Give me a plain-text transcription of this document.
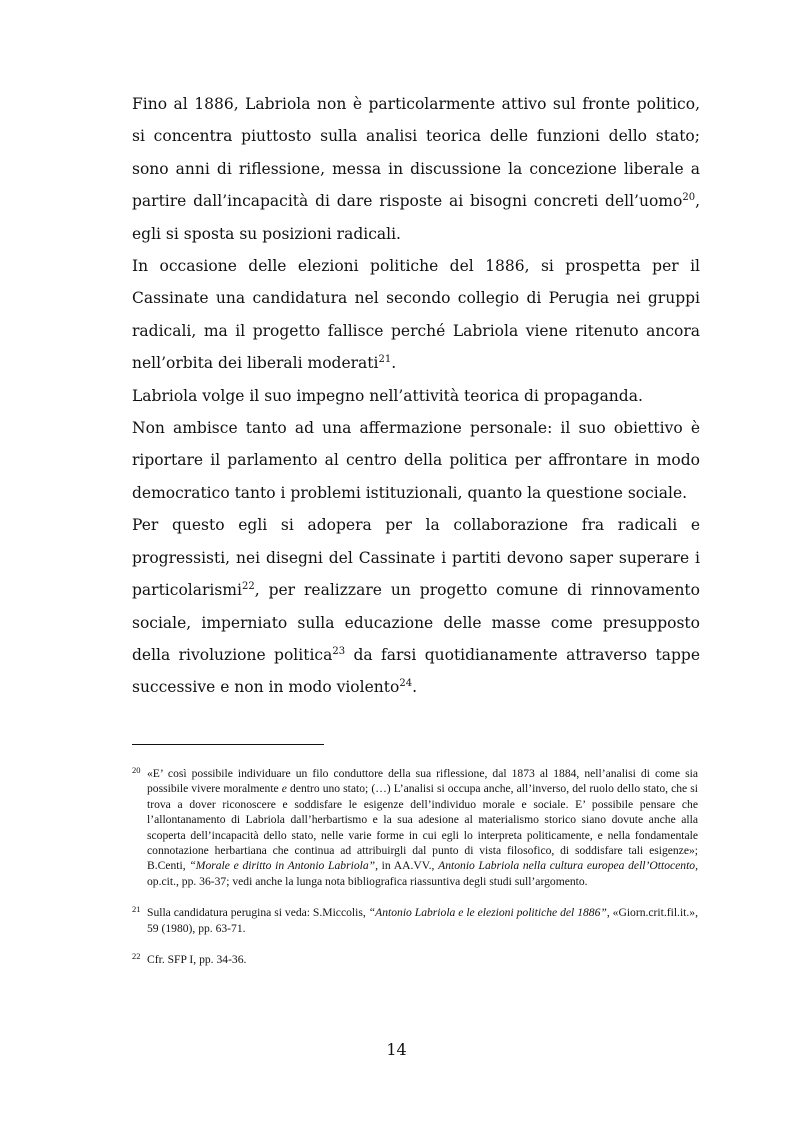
Fino al 1886, Labriola non è particolarmente attivo sul fronte politico, si concentra piuttosto sulla analisi teorica delle funzioni dello stato; sono anni di riflessione, messa in discussione la concezione liberale a partire dall’incapacità di dare risposte ai bisogni concreti dell’uomo$^{20}$, egli si sposta su posizioni radicali.

In occasione delle elezioni politiche del 1886, si prospetta per il Cassinate una candidatura nel secondo collegio di Perugia nei gruppi radicali, ma il progetto fallisce perché Labriola viene ritenuto ancora nell’orbita dei liberali moderati$^{21}$.

Labriola volge il suo impegno nell’attività teorica di propaganda.

Non ambisce tanto ad una affermazione personale: il suo obiettivo è riportare il parlamento al centro della politica per affrontare in modo democratico tanto i problemi istituzionali, quanto la questione sociale.

Per questo egli si adopera per la collaborazione fra radicali e progressisti, nei disegni del Cassinate i partiti devono saper superare i particolarismi$^{22}$, per realizzare un progetto comune di rinnovamento sociale, imperniato sulla educazione delle masse come presupposto della rivoluzione politica$^{23}$ da farsi quotidianamente attraverso tappe successive e non in modo violento$^{24}$.

20 «E’ così possibile individuare un filo conduttore della sua riflessione, dal 1873 al 1884, nell’analisi di come sia possibile vivere moralmente e dentro uno stato; (…) L’analisi si occupa anche, all’inverso, del ruolo dello stato, che si trova a dover riconoscere e soddisfare le esigenze dell’individuo morale e sociale. E’ possibile pensare che l’allontanamento di Labriola dall’herbartismo e la sua adesione al materialismo storico siano dovute anche alla scoperta dell’incapacità dello stato, nelle varie forme in cui egli lo interpreta politicamente, e nella fondamentale connotazione herbartiana che continua ad attribuirgli dal punto di vista filosofico, di soddisfare tali esigenze»; B.Centi, “Morale e diritto in Antonio Labriola”, in AA.VV., Antonio Labriola nella cultura europea dell’Ottocento, op.cit., pp. 36-37; vedi anche la lunga nota bibliografica riassuntiva degli studi sull’argomento.
21 Sulla candidatura perugina si veda: S.Miccolis, “Antonio Labriola e le elezioni politiche del 1886”, «Giorn.crit.fil.it.», 59 (1980), pp. 63-71.
22 Cfr. SFP I, pp. 34-36.
14
